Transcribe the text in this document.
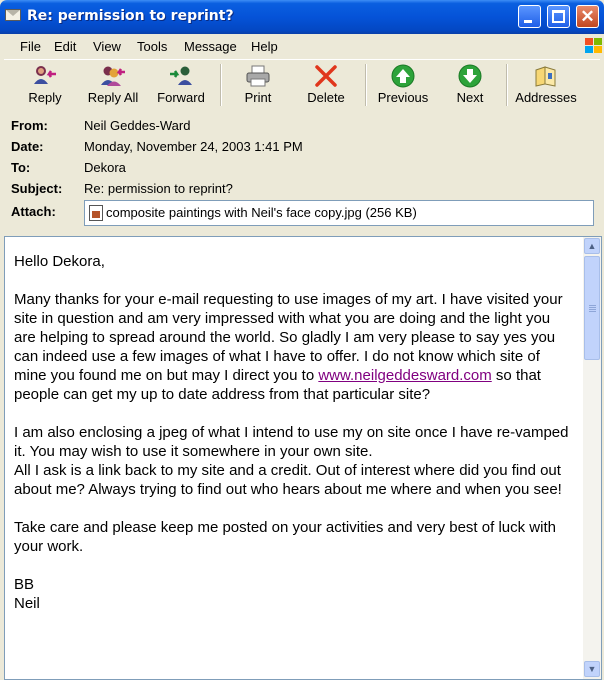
Re: permission to reprint?	✕
File Edit View Tools Message Help
Reply	Reply All	Forward	Print	Delete	Previous	Next	Addresses
From:	Neil Geddes-Ward
Date:	Monday, November 24, 2003 1:41 PM
To:	Dekora
Subject: Re: permission to reprint?
Attach:	composite paintings with Neil's face copy.jpg (256 KB)

Hello Dekora,

Many thanks for your e-mail requesting to use images of my art. I have visited your site in question and am very impressed with what you are doing and the light you are helping to spread around the world. So gladly I am very please to say yes you can indeed use a few images of what I have to offer. I do not know which site of mine you found me on but may I direct you to www.neilgeddesward.com so that people can get my up to date address from that particular site?

I am also enclosing a jpeg of what I intend to use my on site once I have re-vamped it. You may wish to use it somewhere in your own site.
All I ask is a link back to my site and a credit. Out of interest where did you find out about me? Always trying to find out who hears about me where and when you see!

Take care and please keep me posted on your activities and very best of luck with your work.

BB
Neil

▲
▼
